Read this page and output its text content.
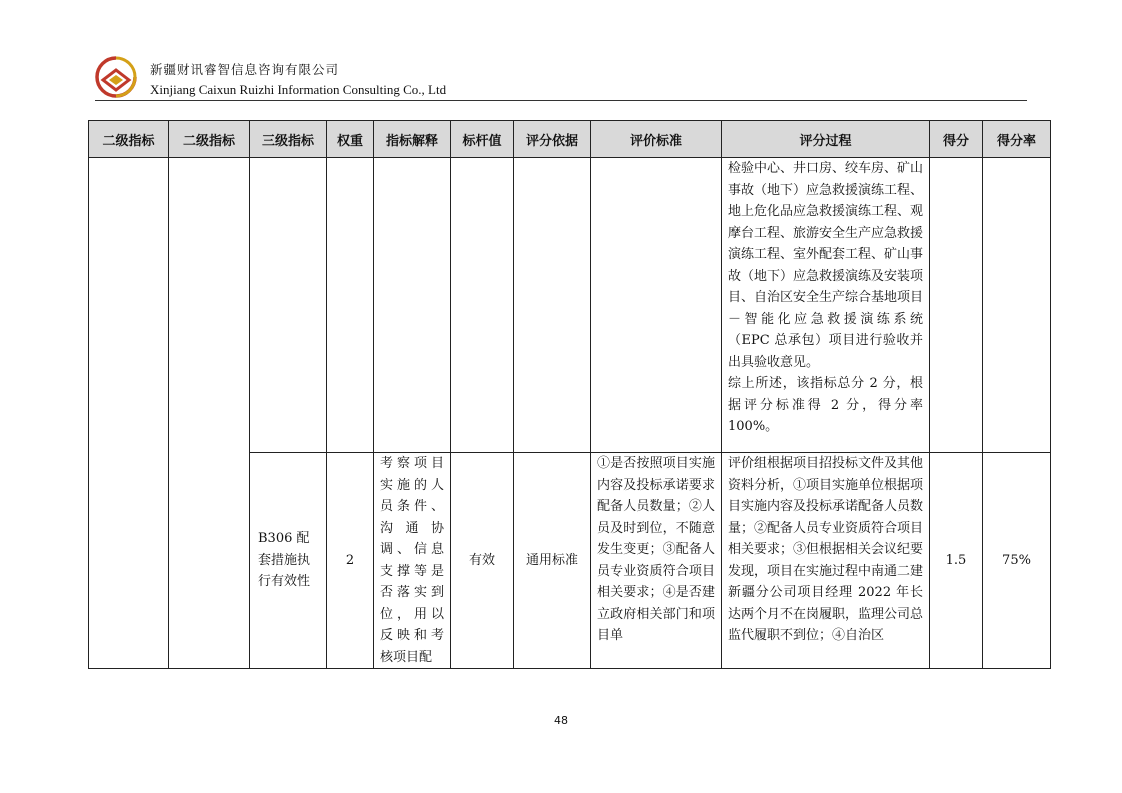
新疆财讯睿智信息咨询有限公司
Xinjiang Caixun Ruizhi Information Consulting Co., Ltd
二级指标	二级指标	三级指标	权重	指标解释	标杆值	评分依据	评价标准	评分过程	得分	得分率

								检验中心、井口房、绞车房、矿山事故（地下）应急救援演练工程、地上危化品应急救援演练工程、观摩台工程、旅游安全生产应急救援演练工程、室外配套工程、矿山事故（地下）应急救援演练及安装项目、自治区安全生产综合基地项目－智能化应急救援演练系统（EPC 总承包）项目进行验收并出具验收意见。
综上所述，该指标总分 2 分，根据评分标准得 2 分，得分率 100%。		

		B306 配套措施执行有效性	2	考察项目实施的人员条件、沟通协调、信息支撑等是否落实到位，用以反映和考核项目配	有效	通用标准	①是否按照项目实施内容及投标承诺要求配备人员数量；②人员及时到位，不随意发生变更；③配备人员专业资质符合项目相关要求；④是否建立政府相关部门和项目单	评价组根据项目招投标文件及其他资料分析，①项目实施单位根据项目实施内容及投标承诺配备人员数量；②配备人员专业资质符合项目相关要求；③但根据相关会议纪要发现，项目在实施过程中南通二建新疆分公司项目经理 2022 年长达两个月不在岗履职，监理公司总监代履职不到位；④自治区	1.5	75%
48
